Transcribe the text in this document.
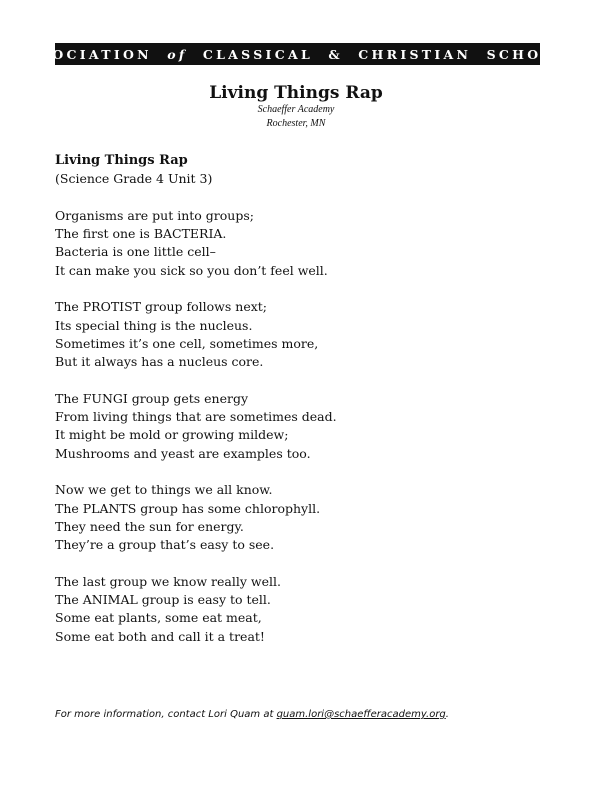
ASSOCIATION
of
CLASSICAL
&
CHRISTIAN
SCHOOLS
Living Things Rap
Schaeffer Academy
Rochester, MN
Living Things Rap
(Science Grade 4 Unit 3)
Organisms are put into groups;
The first one is BACTERIA.
Bacteria is one little cell–
It can make you sick so you don’t feel well.
The PROTIST group follows next;
Its special thing is the nucleus.
Sometimes it’s one cell, sometimes more,
But it always has a nucleus core.
The FUNGI group gets energy
From living things that are sometimes dead.
It might be mold or growing mildew;
Mushrooms and yeast are examples too.
Now we get to things we all know.
The PLANTS group has some chlorophyll.
They need the sun for energy.
They’re a group that’s easy to see.
The last group we know really well.
The ANIMAL group is easy to tell.
Some eat plants, some eat meat,
Some eat both and call it a treat!
For more information, contact Lori Quam at quam.lori@schaefferacademy.org.
